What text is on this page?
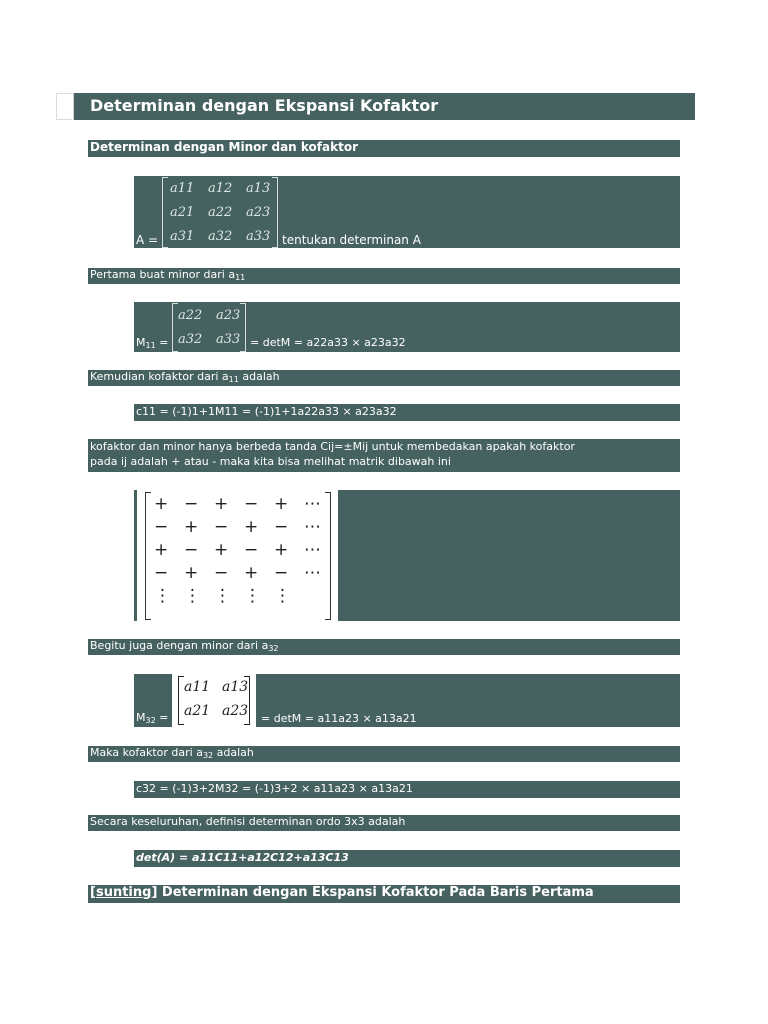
Determinan dengan Ekspansi Kofaktor
Determinan dengan Minor dan kofaktor
A =
a11 a12 a13
a21 a22 a23
a31 a32 a33 tentukan determinan A
Pertama buat minor dari $a_{11}$
$M_{11}$ =
a22 a23
a32 a33 = detM = a22a33 × a23a32
Kemudian kofaktor dari $a_{11}$ adalah
c11 = (-1)1+1M11 = (-1)1+1a22a33 × a23a32
kofaktor dan minor hanya berbeda tanda Cij=±Mij untuk membedakan apakah kofaktor
pada ij adalah + atau - maka kita bisa melihat matrik dibawah ini
+ − + − + ⋯
− + − + − ⋯
+ − + − + ⋯
− + − + − ⋯
⋮ ⋮ ⋮ ⋮ ⋮
Begitu juga dengan minor dari $a_{32}$
$M_{32}$ =
a11 a13
a21 a23 = detM = a11a23 × a13a21
Maka kofaktor dari $a_{32}$ adalah
c32 = (-1)3+2M32 = (-1)3+2 × a11a23 × a13a21
Secara keseluruhan, definisi determinan ordo 3x3 adalah
det(A) = a11C11+a12C12+a13C13
[sunting] Determinan dengan Ekspansi Kofaktor Pada Baris Pertama
